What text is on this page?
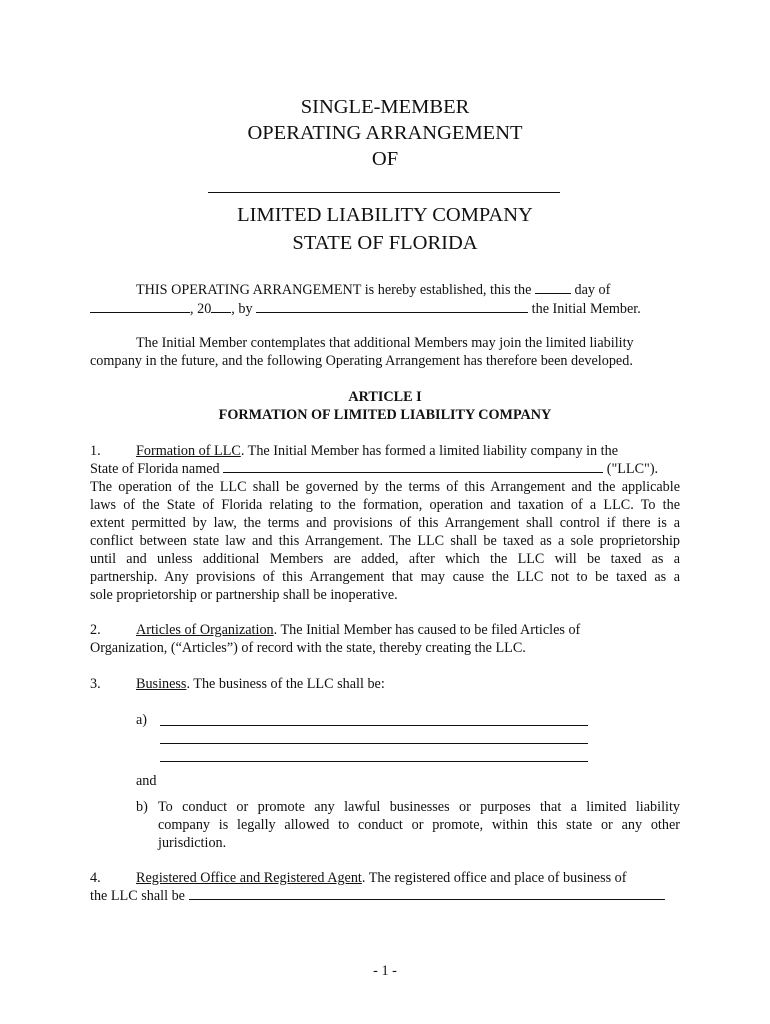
SINGLE-MEMBER
OPERATING ARRANGEMENT
OF
LIMITED LIABILITY COMPANY
STATE OF FLORIDA
THIS OPERATING ARRANGEMENT is hereby established, this the	day of
, 20 , by	the Initial Member.
The Initial Member contemplates that additional Members may join the limited liability
company in the future, and the following Operating Arrangement has therefore been developed.
ARTICLE I
FORMATION OF LIMITED LIABILITY COMPANY
1. Formation of LLC. The Initial Member has formed a limited liability company in the
State of Florida named	("LLC").
The operation of the LLC shall be governed by the terms of this Arrangement and the applicable
laws of the State of Florida relating to the formation, operation and taxation of a LLC. To the
extent permitted by law, the terms and provisions of this Arrangement shall control if there is a
conflict between state law and this Arrangement. The LLC shall be taxed as a sole proprietorship
until and unless additional Members are added, after which the LLC will be taxed as a
partnership. Any provisions of this Arrangement that may cause the LLC not to be taxed as a
sole proprietorship or partnership shall be inoperative.
2. Articles of Organization. The Initial Member has caused to be filed Articles of
Organization, (“Articles”) of record with the state, thereby creating the LLC.
3. Business. The business of the LLC shall be:
a)
and
b) To conduct or promote any lawful businesses or purposes that a limited liability
company is legally allowed to conduct or promote, within this state or any other
jurisdiction.
4. Registered Office and Registered Agent. The registered office and place of business of
the LLC shall be
- 1 -
